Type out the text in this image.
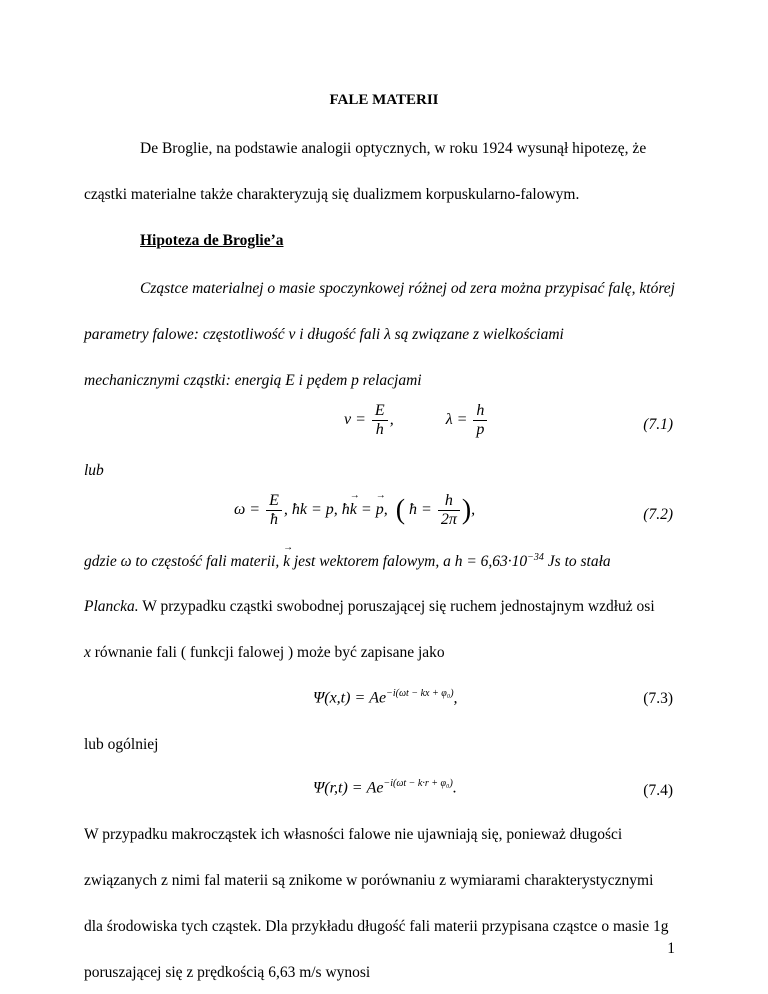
FALE MATERII
De Broglie, na podstawie analogii optycznych, w roku 1924 wysunął hipotezę, że
cząstki materialne także charakteryzują się dualizmem korpuskularno-falowym.
Hipoteza de Broglie’a
Cząstce materialnej o masie spoczynkowej różnej od zera można przypisać falę, której
parametry falowe: częstotliwość ν i długość fali λ są związane z wielkościami
mechanicznymi cząstki: energią E i pędem p relacjami
$\nu = \frac{E}{h}$ ,	$\lambda = \frac{h}{p}$	(7.1)
lub
$\omega = \frac{E}{ħ}$ , ħk = p, ħ→ k = → p, ( ħ = $\frac{h}{2\pi}$ ),	(7.2)
gdzie ω to częstość fali materii, → k jest wektorem falowym, a $h = 6,63\cdot 10^{-34}$ Js to stała
Plancka. W przypadku cząstki swobodnej poruszającej się ruchem jednostajnym wzdłuż osi
x równanie fali ( funkcji falowej ) może być zapisane jako
$\Psi(x,t) = Ae^{-i(\omega t - kx + \varphi_0)}$,	(7.3)
lub ogólniej
$\Psi(r,t) = Ae^{-i(\omega t - k\cdot r + \varphi_0)}$.	(7.4)
W przypadku makrocząstek ich własności falowe nie ujawniają się, ponieważ długości
związanych z nimi fal materii są znikome w porównaniu z wymiarami charakterystycznymi
dla środowiska tych cząstek. Dla przykładu długość fali materii przypisana cząstce o masie 1g
poruszającej się z prędkością 6,63 m/s wynosi
1
